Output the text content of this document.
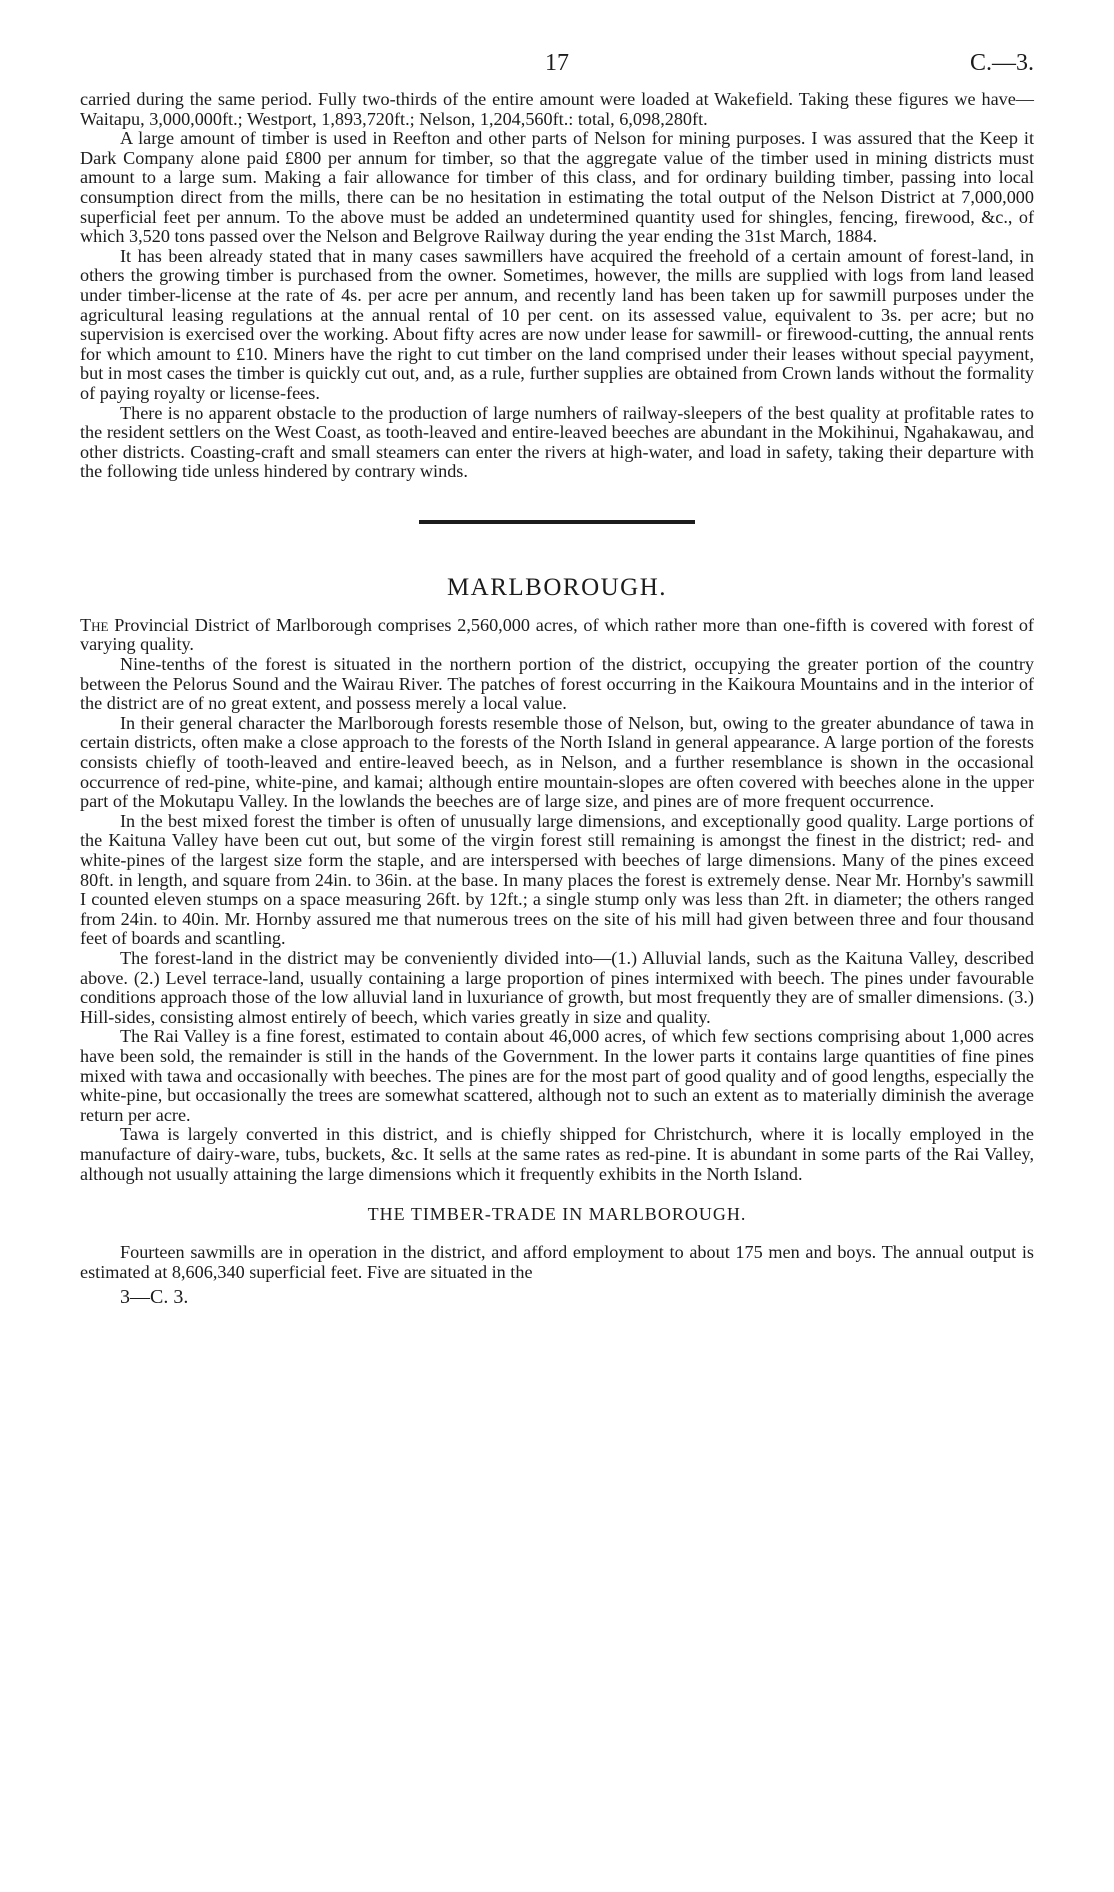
17	C.—3.

carried during the same period. Fully two-thirds of the entire amount were loaded at Wakefield. Taking these figures we have—Waitapu, 3,000,000ft.; Westport, 1,893,720ft.; Nelson, 1,204,560ft.: total, 6,098,280ft.

A large amount of timber is used in Reefton and other parts of Nelson for mining purposes. I was assured that the Keep it Dark Company alone paid £800 per annum for timber, so that the aggregate value of the timber used in mining districts must amount to a large sum. Making a fair allowance for timber of this class, and for ordinary building timber, passing into local consumption direct from the mills, there can be no hesitation in estimating the total output of the Nelson District at 7,000,000 superficial feet per annum. To the above must be added an undetermined quantity used for shingles, fencing, firewood, &c., of which 3,520 tons passed over the Nelson and Belgrove Railway during the year ending the 31st March, 1884.

It has been already stated that in many cases sawmillers have acquired the freehold of a certain amount of forest-land, in others the growing timber is purchased from the owner. Sometimes, however, the mills are supplied with logs from land leased under timber-license at the rate of 4s. per acre per annum, and recently land has been taken up for sawmill purposes under the agricultural leasing regulations at the annual rental of 10 per cent. on its assessed value, equivalent to 3s. per acre; but no supervision is exercised over the working. About fifty acres are now under lease for sawmill- or firewood-cutting, the annual rents for which amount to £10. Miners have the right to cut timber on the land comprised under their leases without special payyment, but in most cases the timber is quickly cut out, and, as a rule, further supplies are obtained from Crown lands without the formality of paying royalty or license-fees.

There is no apparent obstacle to the production of large numhers of railway-sleepers of the best quality at profitable rates to the resident settlers on the West Coast, as tooth-leaved and entire-leaved beeches are abundant in the Mokihinui, Ngahakawau, and other districts. Coasting-craft and small steamers can enter the rivers at high-water, and load in safety, taking their departure with the following tide unless hindered by contrary winds.

MARLBOROUGH.

The Provincial District of Marlborough comprises 2,560,000 acres, of which rather more than one-fifth is covered with forest of varying quality.

Nine-tenths of the forest is situated in the northern portion of the district, occupying the greater portion of the country between the Pelorus Sound and the Wairau River. The patches of forest occurring in the Kaikoura Mountains and in the interior of the district are of no great extent, and possess merely a local value.

In their general character the Marlborough forests resemble those of Nelson, but, owing to the greater abundance of tawa in certain districts, often make a close approach to the forests of the North Island in general appearance. A large portion of the forests consists chiefly of tooth-leaved and entire-leaved beech, as in Nelson, and a further resemblance is shown in the occasional occurrence of red-pine, white-pine, and kamai; although entire mountain-slopes are often covered with beeches alone in the upper part of the Mokutapu Valley. In the lowlands the beeches are of large size, and pines are of more frequent occurrence.

In the best mixed forest the timber is often of unusually large dimensions, and exceptionally good quality. Large portions of the Kaituna Valley have been cut out, but some of the virgin forest still remaining is amongst the finest in the district; red- and white-pines of the largest size form the staple, and are interspersed with beeches of large dimensions. Many of the pines exceed 80ft. in length, and square from 24in. to 36in. at the base. In many places the forest is extremely dense. Near Mr. Hornby's sawmill I counted eleven stumps on a space measuring 26ft. by 12ft.; a single stump only was less than 2ft. in diameter; the others ranged from 24in. to 40in. Mr. Hornby assured me that numerous trees on the site of his mill had given between three and four thousand feet of boards and scantling.

The forest-land in the district may be conveniently divided into—(1.) Alluvial lands, such as the Kaituna Valley, described above. (2.) Level terrace-land, usually containing a large proportion of pines intermixed with beech. The pines under favourable conditions approach those of the low alluvial land in luxuriance of growth, but most frequently they are of smaller dimensions. (3.) Hill-sides, consisting almost entirely of beech, which varies greatly in size and quality.

The Rai Valley is a fine forest, estimated to contain about 46,000 acres, of which few sections comprising about 1,000 acres have been sold, the remainder is still in the hands of the Government. In the lower parts it contains large quantities of fine pines mixed with tawa and occasionally with beeches. The pines are for the most part of good quality and of good lengths, especially the white-pine, but occasionally the trees are somewhat scattered, although not to such an extent as to materially diminish the average return per acre.

Tawa is largely converted in this district, and is chiefly shipped for Christchurch, where it is locally employed in the manufacture of dairy-ware, tubs, buckets, &c. It sells at the same rates as red-pine. It is abundant in some parts of the Rai Valley, although not usually attaining the large dimensions which it frequently exhibits in the North Island.

THE TIMBER-TRADE IN MARLBOROUGH.

Fourteen sawmills are in operation in the district, and afford employment to about 175 men and boys. The annual output is estimated at 8,606,340 superficial feet. Five are situated in the

3—C. 3.
